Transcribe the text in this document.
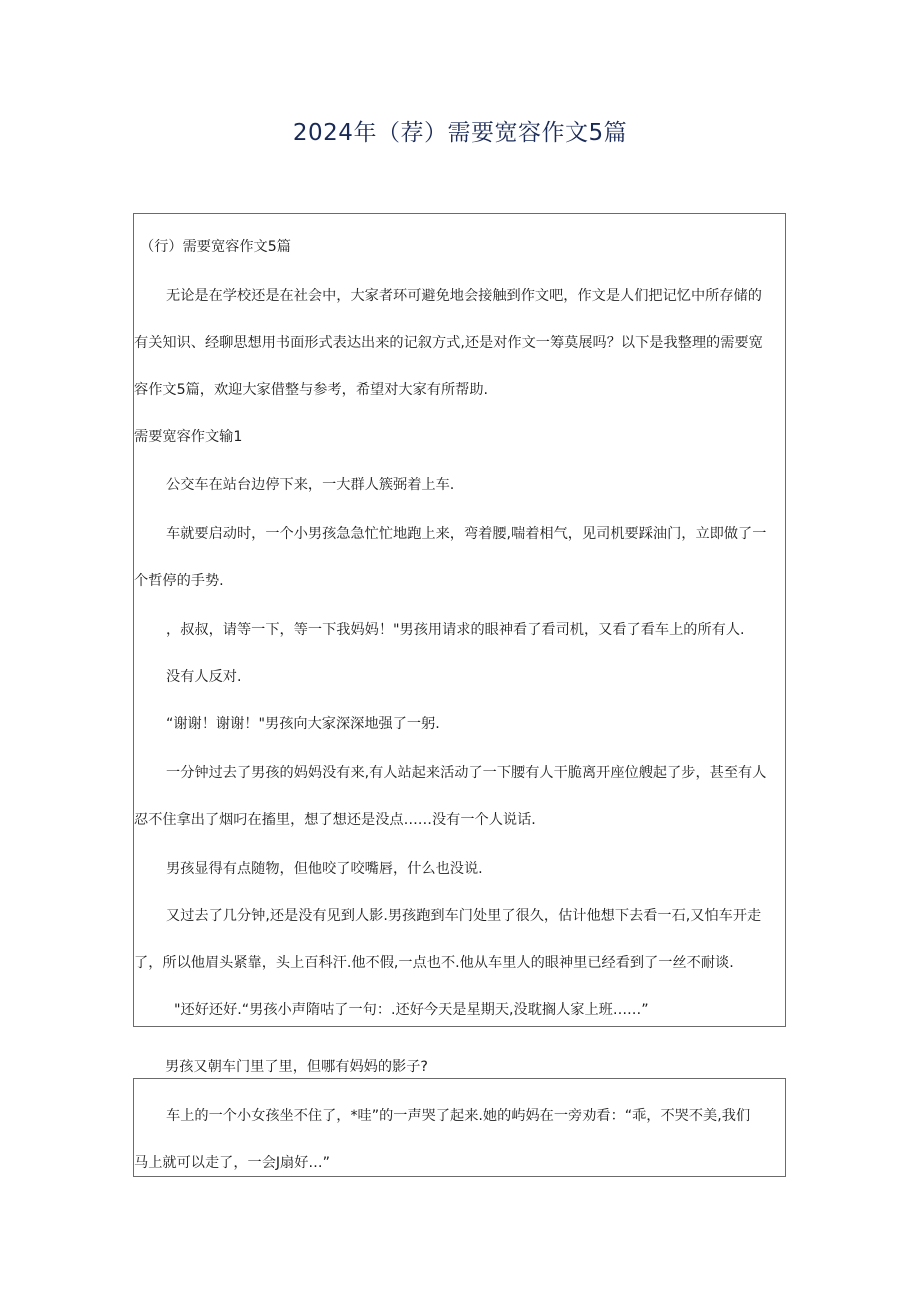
2024年（荐）需要宽容作文5篇
（行）需要宽容作文5篇
无论是在学校还是在社会中，大家者环可避免地会接触到作文吧，作文是人们把记忆中所存储的
有关知识、经聊思想用书面形式表达出来的记叙方式,还是对作文一筹莫展吗？以下是我整理的需要宽
容作文5篇，欢迎大家借整与参考，希望对大家有所帮助.
需要宽容作文输1
公交车在站台边停下来，一大群人簇弼着上车.
车就要启动时，一个小男孩急急忙忙地跑上来，弯着腰,喘着相气，见司机要踩油门，立即做了一
个哲停的手势.
，叔叔，请等一下，等一下我妈妈！"男孩用请求的眼神看了看司机，又看了看车上的所有人.
没有人反对.
“谢谢！谢谢！"男孩向大家深深地强了一躬.
一分钟过去了男孩的妈妈没有来,有人站起来活动了一下腰有人干脆离开座位艘起了步，甚至有人
忍不住拿出了烟叼在搐里，想了想还是没点……没有一个人说话.
男孩显得有点随物，但他咬了咬嘴唇，什么也没说.
又过去了几分钟,还是没有见到人影.男孩跑到车门处里了很久，估计他想下去看一石,又怕车开走
了，所以他眉头紧靠，头上百科汗.他不假,一点也不.他从车里人的眼神里已经看到了一丝不耐谈.
"还好还好.“男孩小声隋咕了一句：.还好今天是星期天,没耽搁人家上班……”
男孩又朝车门里了里，但哪有妈妈的影子?
车上的一个小女孩坐不住了，*哇”的一声哭了起来.她的屿妈在一旁劝看：“乖，不哭不美,我们
马上就可以走了，一会J扇好…”
